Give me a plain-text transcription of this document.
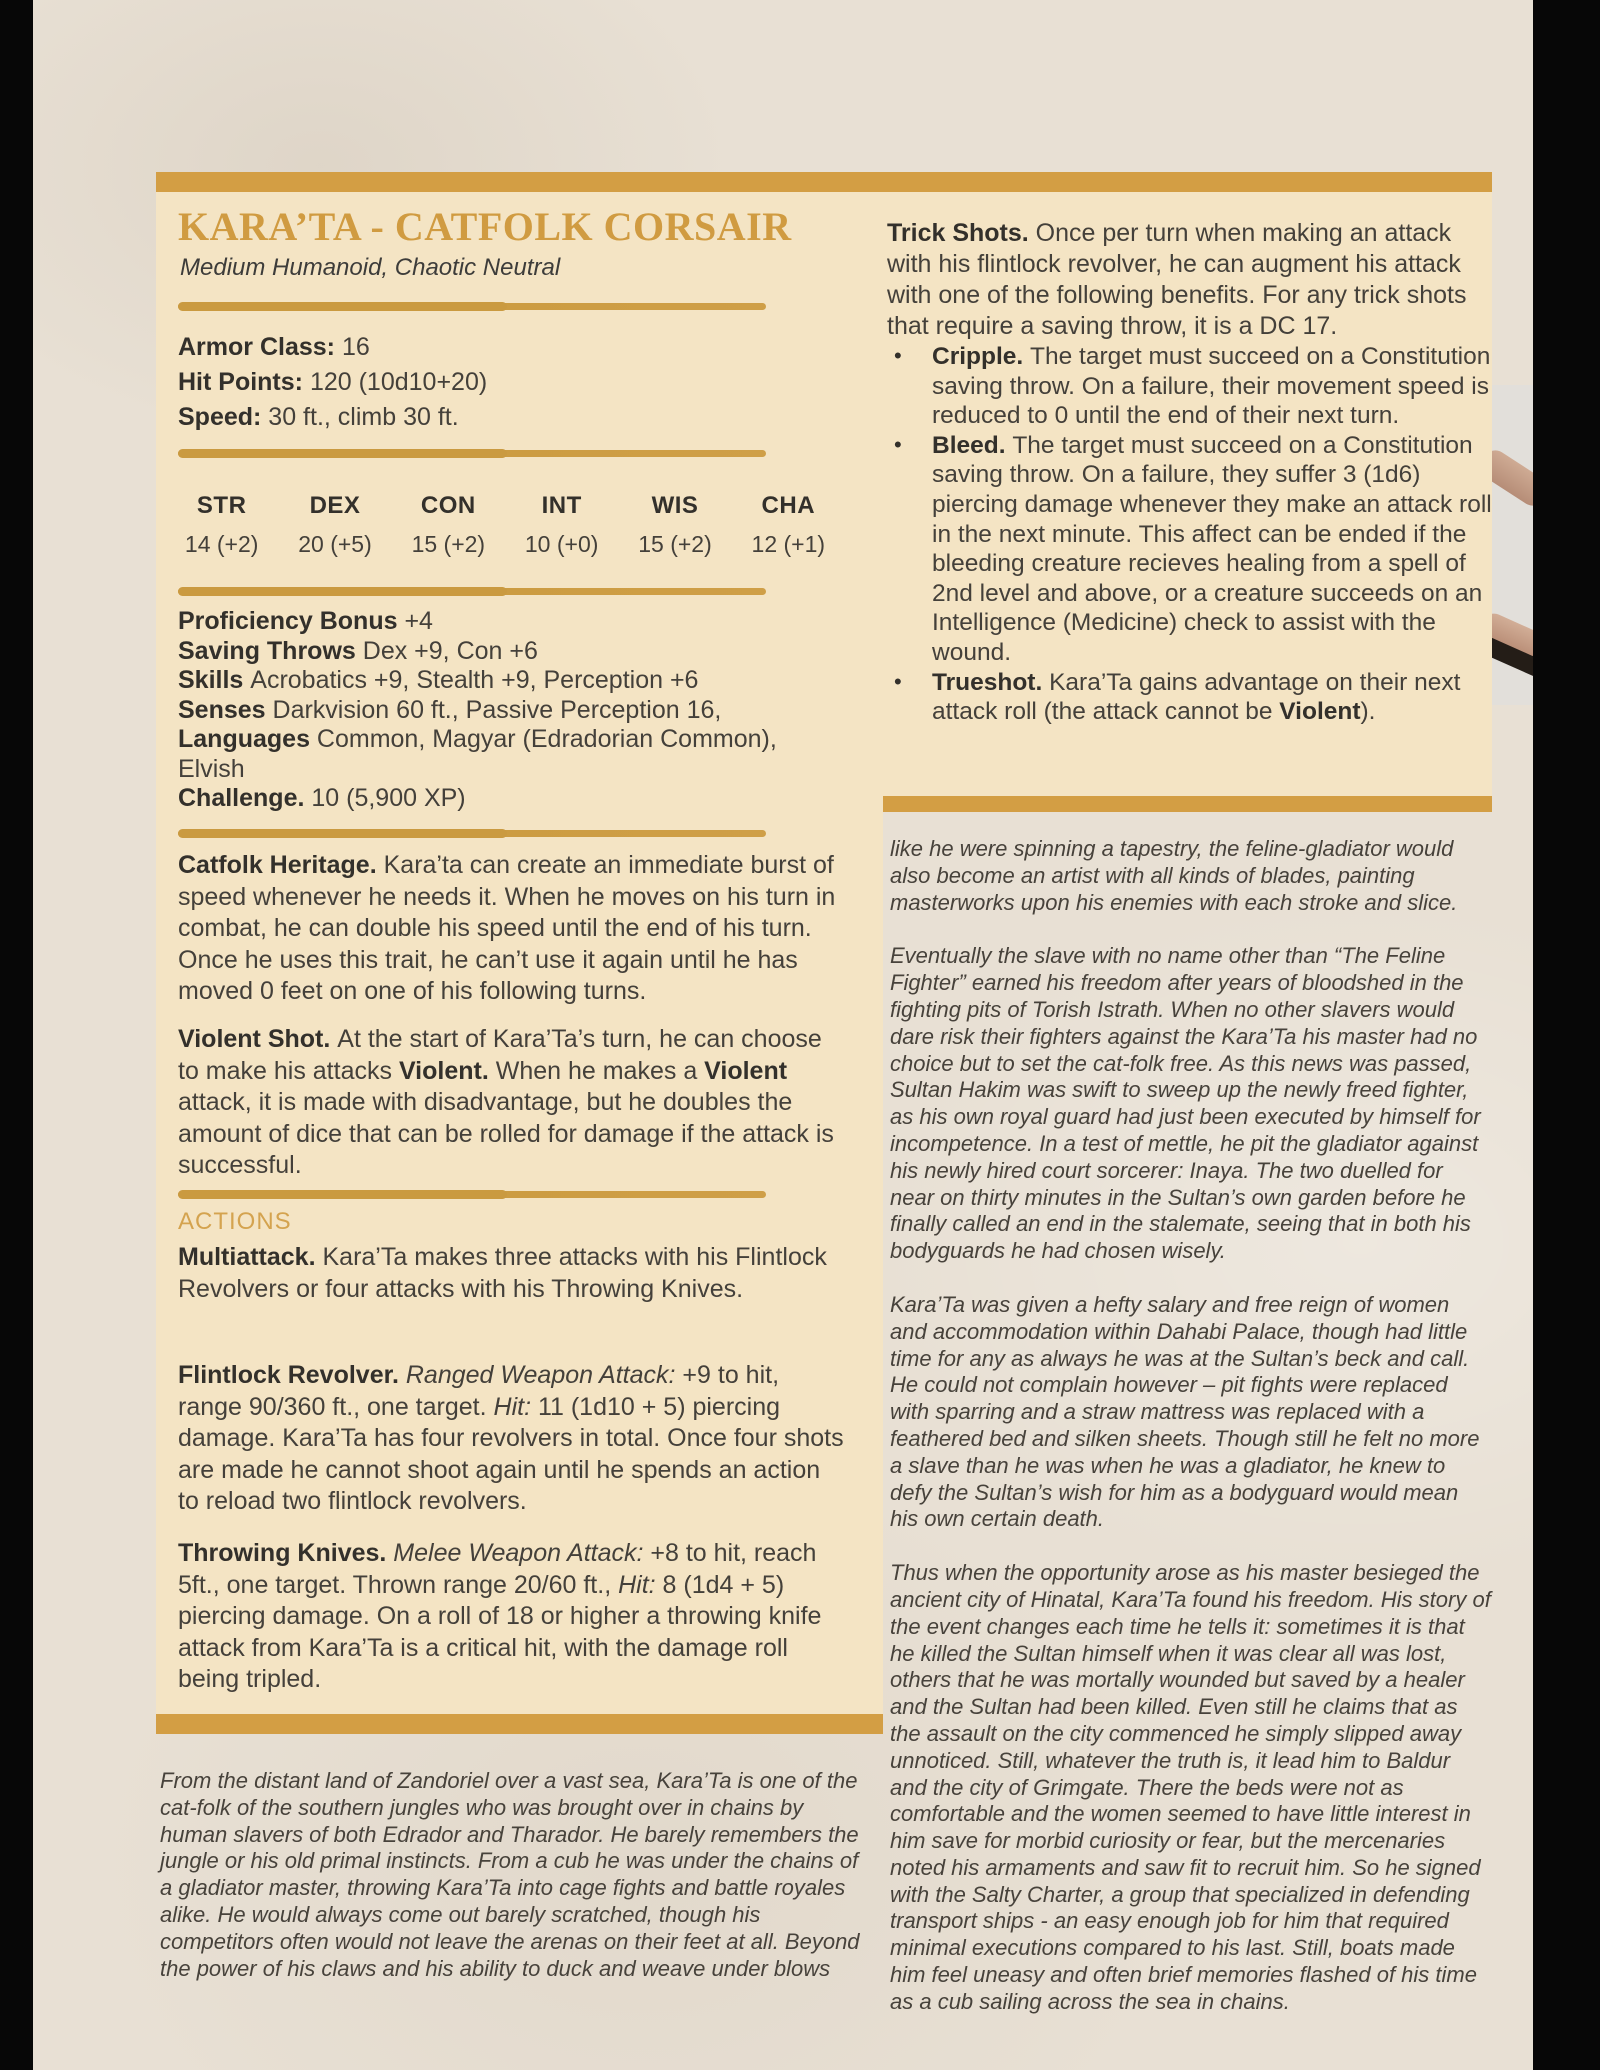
KARA’TA - CATFOLK CORSAIR
Medium Humanoid, Chaotic Neutral
Armor Class: 16
Hit Points: 120 (10d10+20)
Speed: 30 ft., climb 30 ft.
STR
14 (+2)
DEX
20 (+5)
CON
15 (+2)
INT
10 (+0)
WIS
15 (+2)
CHA
12 (+1)
Proficiency Bonus +4
Saving Throws Dex +9, Con +6
Skills Acrobatics +9, Stealth +9, Perception +6
Senses Darkvision 60 ft., Passive Perception 16,
Languages Common, Magyar (Edradorian Common), Elvish
Challenge. 10 (5,900 XP)
Catfolk Heritage. Kara’ta can create an immediate burst of speed whenever he needs it. When he moves on his turn in combat, he can double his speed until the end of his turn. Once he uses this trait, he can’t use it again until he has moved 0 feet on one of his following turns.
Violent Shot. At the start of Kara’Ta’s turn, he can choose to make his attacks Violent. When he makes a Violent attack, it is made with disadvantage, but he doubles the amount of dice that can be rolled for damage if the attack is successful.
ACTIONS
Multiattack. Kara’Ta makes three attacks with his Flintlock Revolvers or four attacks with his Throwing Knives.
Flintlock Revolver. Ranged Weapon Attack: +9 to hit, range 90/360 ft., one target. Hit: 11 (1d10 + 5) piercing damage. Kara’Ta has four revolvers in total. Once four shots are made he cannot shoot again until he spends an action to reload two flintlock revolvers.
Throwing Knives. Melee Weapon Attack: +8 to hit, reach 5ft., one target. Thrown range 20/60 ft., Hit: 8 (1d4 + 5) piercing damage. On a roll of 18 or higher a throwing knife attack from Kara’Ta is a critical hit, with the damage roll being tripled.
From the distant land of Zandoriel over a vast sea, Kara’Ta is one of the cat-folk of the southern jungles who was brought over in chains by human slavers of both Edrador and Tharador. He barely remembers the jungle or his old primal instincts. From a cub he was under the chains of a gladiator master, throwing Kara’Ta into cage fights and battle royales alike. He would always come out barely scratched, though his competitors often would not leave the arenas on their feet at all. Beyond the power of his claws and his ability to duck and weave under blows
Trick Shots. Once per turn when making an attack with his flintlock revolver, he can augment his attack with one of the following benefits. For any trick shots that require a saving throw, it is a DC 17.
• Cripple. The target must succeed on a Constitution saving throw. On a failure, their movement speed is reduced to 0 until the end of their next turn.
• Bleed. The target must succeed on a Constitution saving throw. On a failure, they suffer 3 (1d6) piercing damage whenever they make an attack roll in the next minute. This affect can be ended if the bleeding creature recieves healing from a spell of 2nd level and above, or a creature succeeds on an Intelligence (Medicine) check to assist with the wound.
• Trueshot. Kara’Ta gains advantage on their next attack roll (the attack cannot be Violent).

like he were spinning a tapestry, the feline-gladiator would also become an artist with all kinds of blades, painting masterworks upon his enemies with each stroke and slice.

Eventually the slave with no name other than “The Feline Fighter” earned his freedom after years of bloodshed in the fighting pits of Torish Istrath. When no other slavers would dare risk their fighters against the Kara’Ta his master had no choice but to set the cat-folk free. As this news was passed, Sultan Hakim was swift to sweep up the newly freed fighter, as his own royal guard had just been executed by himself for incompetence. In a test of mettle, he pit the gladiator against his newly hired court sorcerer: Inaya. The two duelled for near on thirty minutes in the Sultan’s own garden before he finally called an end in the stalemate, seeing that in both his bodyguards he had chosen wisely.

Kara’Ta was given a hefty salary and free reign of women and accommodation within Dahabi Palace, though had little time for any as always he was at the Sultan’s beck and call. He could not complain however – pit fights were replaced with sparring and a straw mattress was replaced with a feathered bed and silken sheets. Though still he felt no more a slave than he was when he was a gladiator, he knew to defy the Sultan’s wish for him as a bodyguard would mean his own certain death.

Thus when the opportunity arose as his master besieged the ancient city of Hinatal, Kara’Ta found his freedom. His story of the event changes each time he tells it: sometimes it is that he killed the Sultan himself when it was clear all was lost, others that he was mortally wounded but saved by a healer and the Sultan had been killed. Even still he claims that as the assault on the city commenced he simply slipped away unnoticed. Still, whatever the truth is, it lead him to Baldur and the city of Grimgate. There the beds were not as comfortable and the women seemed to have little interest in him save for morbid curiosity or fear, but the mercenaries noted his armaments and saw fit to recruit him. So he signed with the Salty Charter, a group that specialized in defending transport ships - an easy enough job for him that required minimal executions compared to his last. Still, boats made him feel uneasy and often brief memories flashed of his time as a cub sailing across the sea in chains.
